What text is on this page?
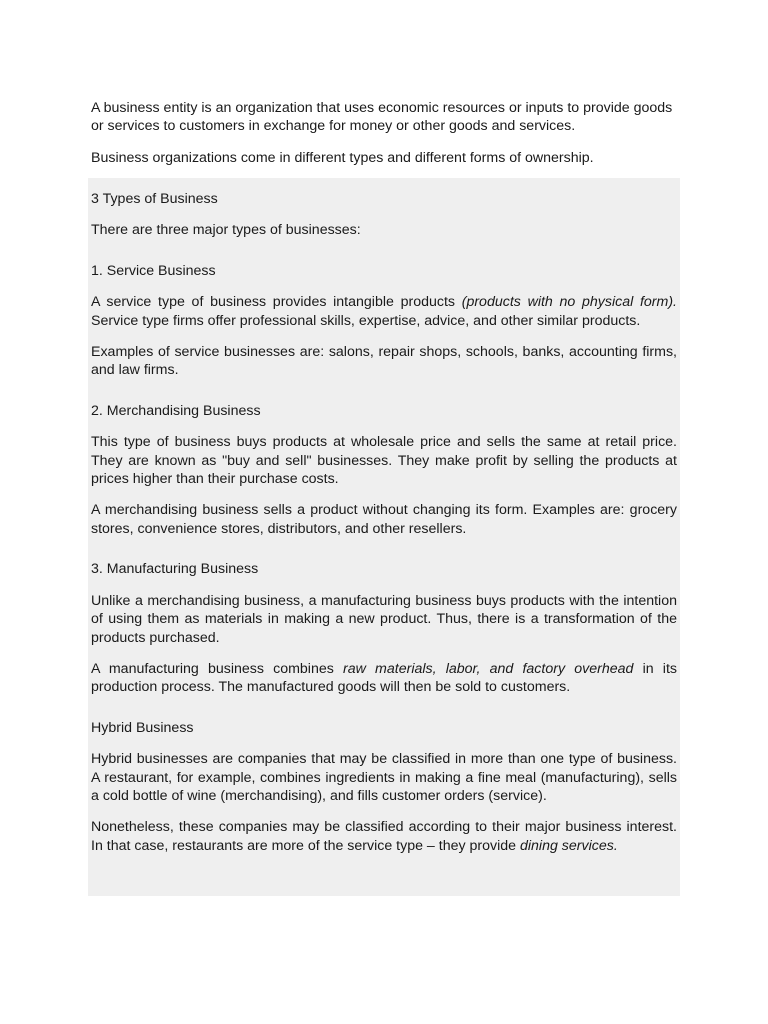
A business entity is an organization that uses economic resources or inputs to provide goods or services to customers in exchange for money or other goods and services.

Business organizations come in different types and different forms of ownership.

3 Types of Business

There are three major types of businesses:

1. Service Business

A service type of business provides intangible products (products with no physical form). Service type firms offer professional skills, expertise, advice, and other similar products.

Examples of service businesses are: salons, repair shops, schools, banks, accounting firms, and law firms.

2. Merchandising Business

This type of business buys products at wholesale price and sells the same at retail price. They are known as "buy and sell" businesses. They make profit by selling the products at prices higher than their purchase costs.

A merchandising business sells a product without changing its form. Examples are: grocery stores, convenience stores, distributors, and other resellers.

3. Manufacturing Business

Unlike a merchandising business, a manufacturing business buys products with the intention of using them as materials in making a new product. Thus, there is a transformation of the products purchased.

A manufacturing business combines raw materials, labor, and factory overhead in its production process. The manufactured goods will then be sold to customers.

Hybrid Business

Hybrid businesses are companies that may be classified in more than one type of business. A restaurant, for example, combines ingredients in making a fine meal (manufacturing), sells a cold bottle of wine (merchandising), and fills customer orders (service).

Nonetheless, these companies may be classified according to their major business interest. In that case, restaurants are more of the service type – they provide dining services.
